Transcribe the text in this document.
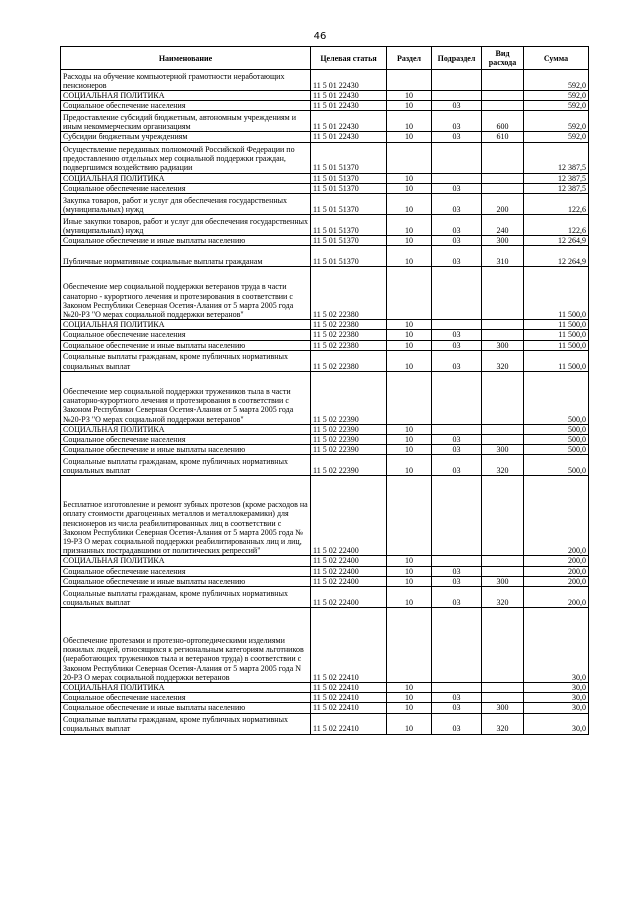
46
Наименование	Целевая статья	Раздел	Подраздел	Вид расхода	Сумма
Расходы на обучение компьютерной грамотности неработающих пенсионеров	11 5 01 22430				592,0
СОЦИАЛЬНАЯ ПОЛИТИКА	11 5 01 22430	10			592,0
Социальное обеспечение населения	11 5 01 22430	10	03		592,0
Предоставление субсидий бюджетным, автономным учреждениям и иным некоммерческим организациям	11 5 01 22430	10	03	600	592,0
Субсидии бюджетным учреждениям	11 5 01 22430	10	03	610	592,0
Осуществление переданных полномочий Российской Федерации по предоставлению отдельных мер социальной поддержки граждан, подвергшимся воздействию радиации	11 5 01 51370				12 387,5
СОЦИАЛЬНАЯ ПОЛИТИКА	11 5 01 51370	10			12 387,5
Социальное обеспечение населения	11 5 01 51370	10	03		12 387,5
Закупка товаров, работ и услуг для обеспечения государственных (муниципальных) нужд	11 5 01 51370	10	03	200	122,6
Иные закупки товаров, работ и услуг для обеспечения государственных (муниципальных) нужд	11 5 01 51370	10	03	240	122,6
Социальное обеспечение и иные выплаты населению	11 5 01 51370	10	03	300	12 264,9
Публичные нормативные социальные выплаты гражданам	11 5 01 51370	10	03	310	12 264,9
Обеспечение мер социальной поддержки ветеранов труда в части санаторно - курортного лечения и протезирования в соответствии с Законом Республики Северная Осетия-Алания от 5 марта 2005 года №20-РЗ "О мерах социальной поддержки ветеранов"	11 5 02 22380				11 500,0
СОЦИАЛЬНАЯ ПОЛИТИКА	11 5 02 22380	10			11 500,0
Социальное обеспечение населения	11 5 02 22380	10	03		11 500,0
Социальное обеспечение и иные выплаты населению	11 5 02 22380	10	03	300	11 500,0
Социальные выплаты гражданам, кроме публичных нормативных социальных выплат	11 5 02 22380	10	03	320	11 500,0
Обеспечение мер социальной поддержки тружеников тыла в части санаторно-курортного лечения и протезирования в соответствии с Законом Республики Северная Осетия-Алания от 5 марта 2005 года №20-РЗ "О мерах социальной поддержки ветеранов"	11 5 02 22390				500,0
СОЦИАЛЬНАЯ ПОЛИТИКА	11 5 02 22390	10			500,0
Социальное обеспечение населения	11 5 02 22390	10	03		500,0
Социальное обеспечение и иные выплаты населению	11 5 02 22390	10	03	300	500,0
Социальные выплаты гражданам, кроме публичных нормативных социальных выплат	11 5 02 22390	10	03	320	500,0
Бесплатное изготовление и ремонт зубных протезов (кроме расходов на оплату стоимости драгоценных металлов и металлокерамики) для пенсионеров из числа реабилитированных лиц в соответствии с Законом Республики Северная Осетия-Алания от 5 марта 2005 года № 19-РЗ О мерах социальной поддержки реабилитированных лиц и лиц, признанных пострадавшими от политических репрессий"	11 5 02 22400				200,0
СОЦИАЛЬНАЯ ПОЛИТИКА	11 5 02 22400	10			200,0
Социальное обеспечение населения	11 5 02 22400	10	03		200,0
Социальное обеспечение и иные выплаты населению	11 5 02 22400	10	03	300	200,0
Социальные выплаты гражданам, кроме публичных нормативных социальных выплат	11 5 02 22400	10	03	320	200,0
Обеспечение протезами и протезно-ортопедическими изделиями пожилых людей, относящихся к региональным категориям льготников (неработающих тружеников тыла и ветеранов труда) в соответствии с Законом Республики Северная Осетия-Алания от 5 марта 2005 года N 20-РЗ О мерах социальной поддержки ветеранов	11 5 02 22410				30,0
СОЦИАЛЬНАЯ ПОЛИТИКА	11 5 02 22410	10			30,0
Социальное обеспечение населения	11 5 02 22410	10	03		30,0
Социальное обеспечение и иные выплаты населению	11 5 02 22410	10	03	300	30,0
Социальные выплаты гражданам, кроме публичных нормативных социальных выплат	11 5 02 22410	10	03	320	30,0
